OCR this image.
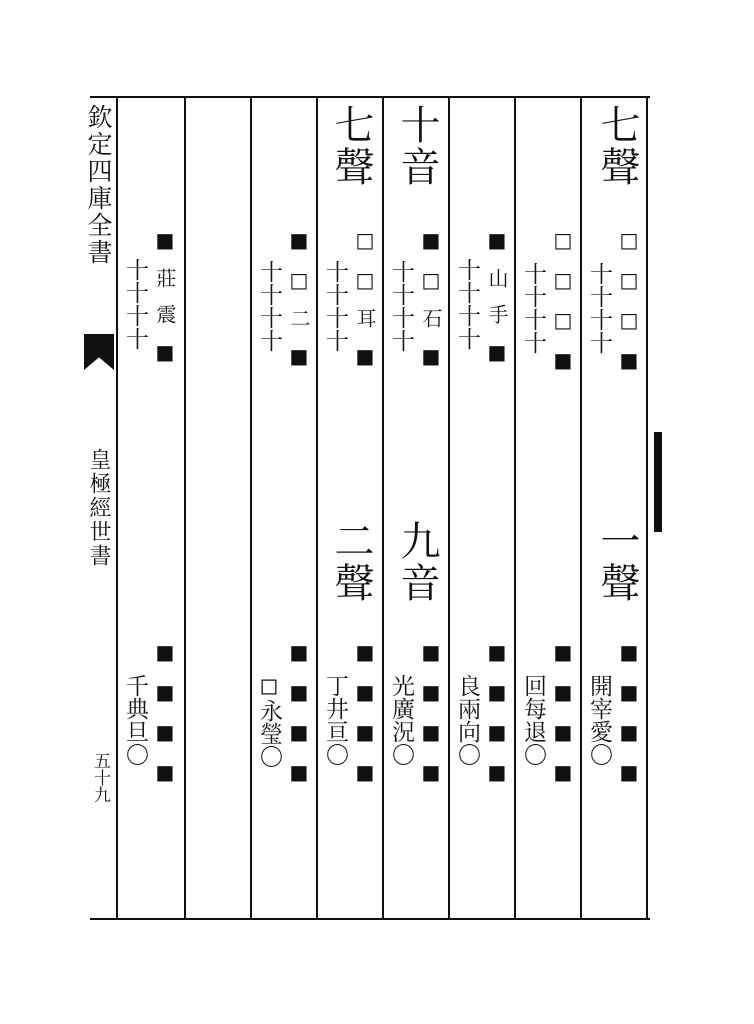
欽定四庫全書
皇極經世書
五十九
七聲
□□□■
十十十十
一聲
■■■■
開宰愛〇
□□□■
十十十十
■■■■
回每退〇
■山手■
十十十十
■■■■
良兩向〇
十音
■□石■
十十十十
九音
■■■■
光廣況〇
七聲
□□耳■
十十十十
二聲
■■■■
丁井亘〇
■□二■
十十十十
■■■■
◻永瑩〇
■莊震■
十十十十
■■■■
千典旦〇
